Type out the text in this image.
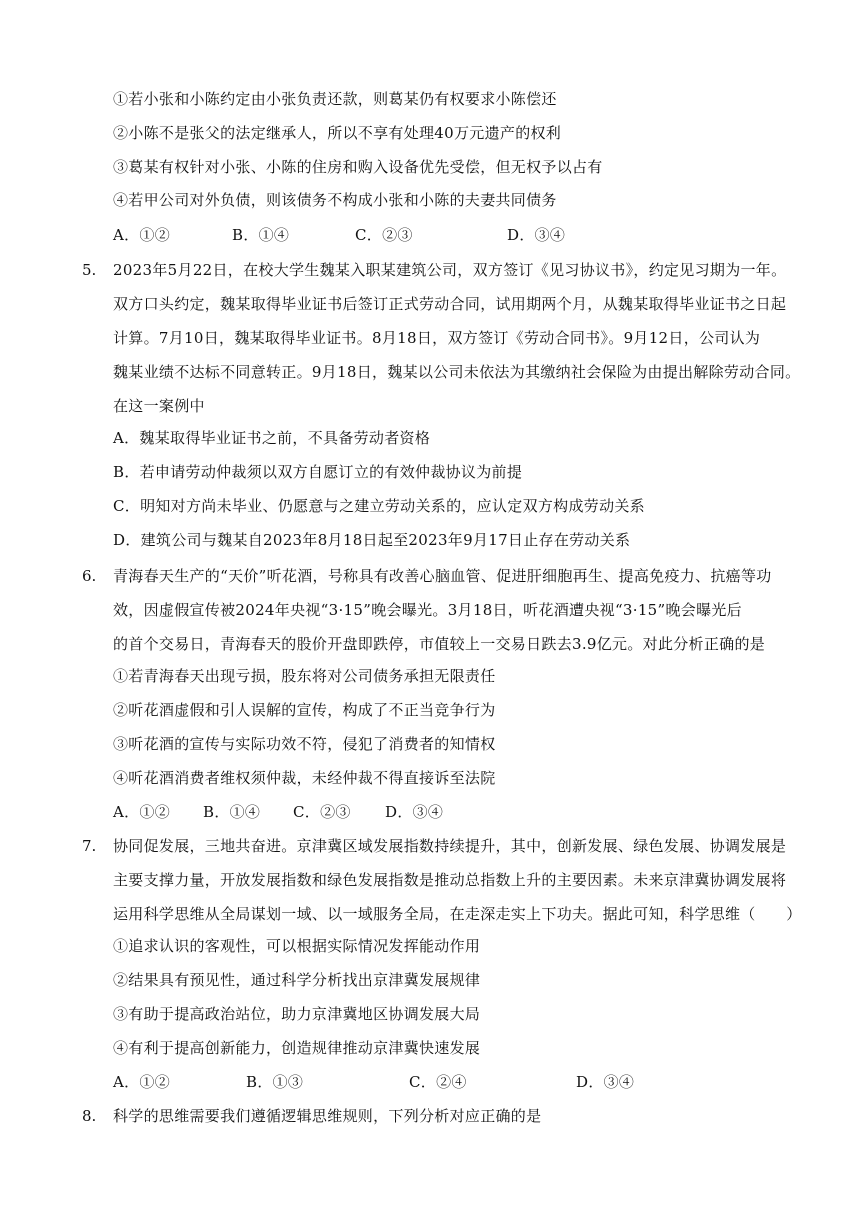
①若小张和小陈约定由小张负责还款，则葛某仍有权要求小陈偿还
②小陈不是张父的法定继承人，所以不享有处理40万元遗产的权利
③葛某有权针对小张、小陈的住房和购入设备优先受偿，但无权予以占有
④若甲公司对外负债，则该债务不构成小张和小陈的夫妻共同债务
A．①②	B．①④	C．②③	D．③④
5. 2023年5月22日，在校大学生魏某入职某建筑公司，双方签订《见习协议书》，约定见习期为一年。
双方口头约定，魏某取得毕业证书后签订正式劳动合同，试用期两个月，从魏某取得毕业证书之日起
计算。7月10日，魏某取得毕业证书。8月18日，双方签订《劳动合同书》。9月12日，公司认为
魏某业绩不达标不同意转正。9月18日，魏某以公司未依法为其缴纳社会保险为由提出解除劳动合同。
在这一案例中
A．魏某取得毕业证书之前，不具备劳动者资格
B．若申请劳动仲裁须以双方自愿订立的有效仲裁协议为前提
C．明知对方尚未毕业、仍愿意与之建立劳动关系的，应认定双方构成劳动关系
D．建筑公司与魏某自2023年8月18日起至2023年9月17日止存在劳动关系
6. 青海春天生产的“天价”听花酒，号称具有改善心脑血管、促进肝细胞再生、提高免疫力、抗癌等功
效，因虚假宣传被2024年央视“3·15”晚会曝光。3月18日，听花酒遭央视“3·15”晚会曝光后
的首个交易日，青海春天的股价开盘即跌停，市值较上一交易日跌去3.9亿元。对此分析正确的是
①若青海春天出现亏损，股东将对公司债务承担无限责任
②听花酒虚假和引人误解的宣传，构成了不正当竞争行为
③听花酒的宣传与实际功效不符，侵犯了消费者的知情权
④听花酒消费者维权须仲裁，未经仲裁不得直接诉至法院
A．①② B．①④ C．②③ D．③④
7. 协同促发展，三地共奋进。京津冀区域发展指数持续提升，其中，创新发展、绿色发展、协调发展是
主要支撑力量，开放发展指数和绿色发展指数是推动总指数上升的主要因素。未来京津冀协调发展将
运用科学思维从全局谋划一域、以一域服务全局，在走深走实上下功夫。据此可知，科学思维（　　）
①追求认识的客观性，可以根据实际情况发挥能动作用
②结果具有预见性，通过科学分析找出京津冀发展规律
③有助于提高政治站位，助力京津冀地区协调发展大局
④有利于提高创新能力，创造规律推动京津冀快速发展
A．①②	B．①③	C．②④	D．③④
8. 科学的思维需要我们遵循逻辑思维规则，下列分析对应正确的是
